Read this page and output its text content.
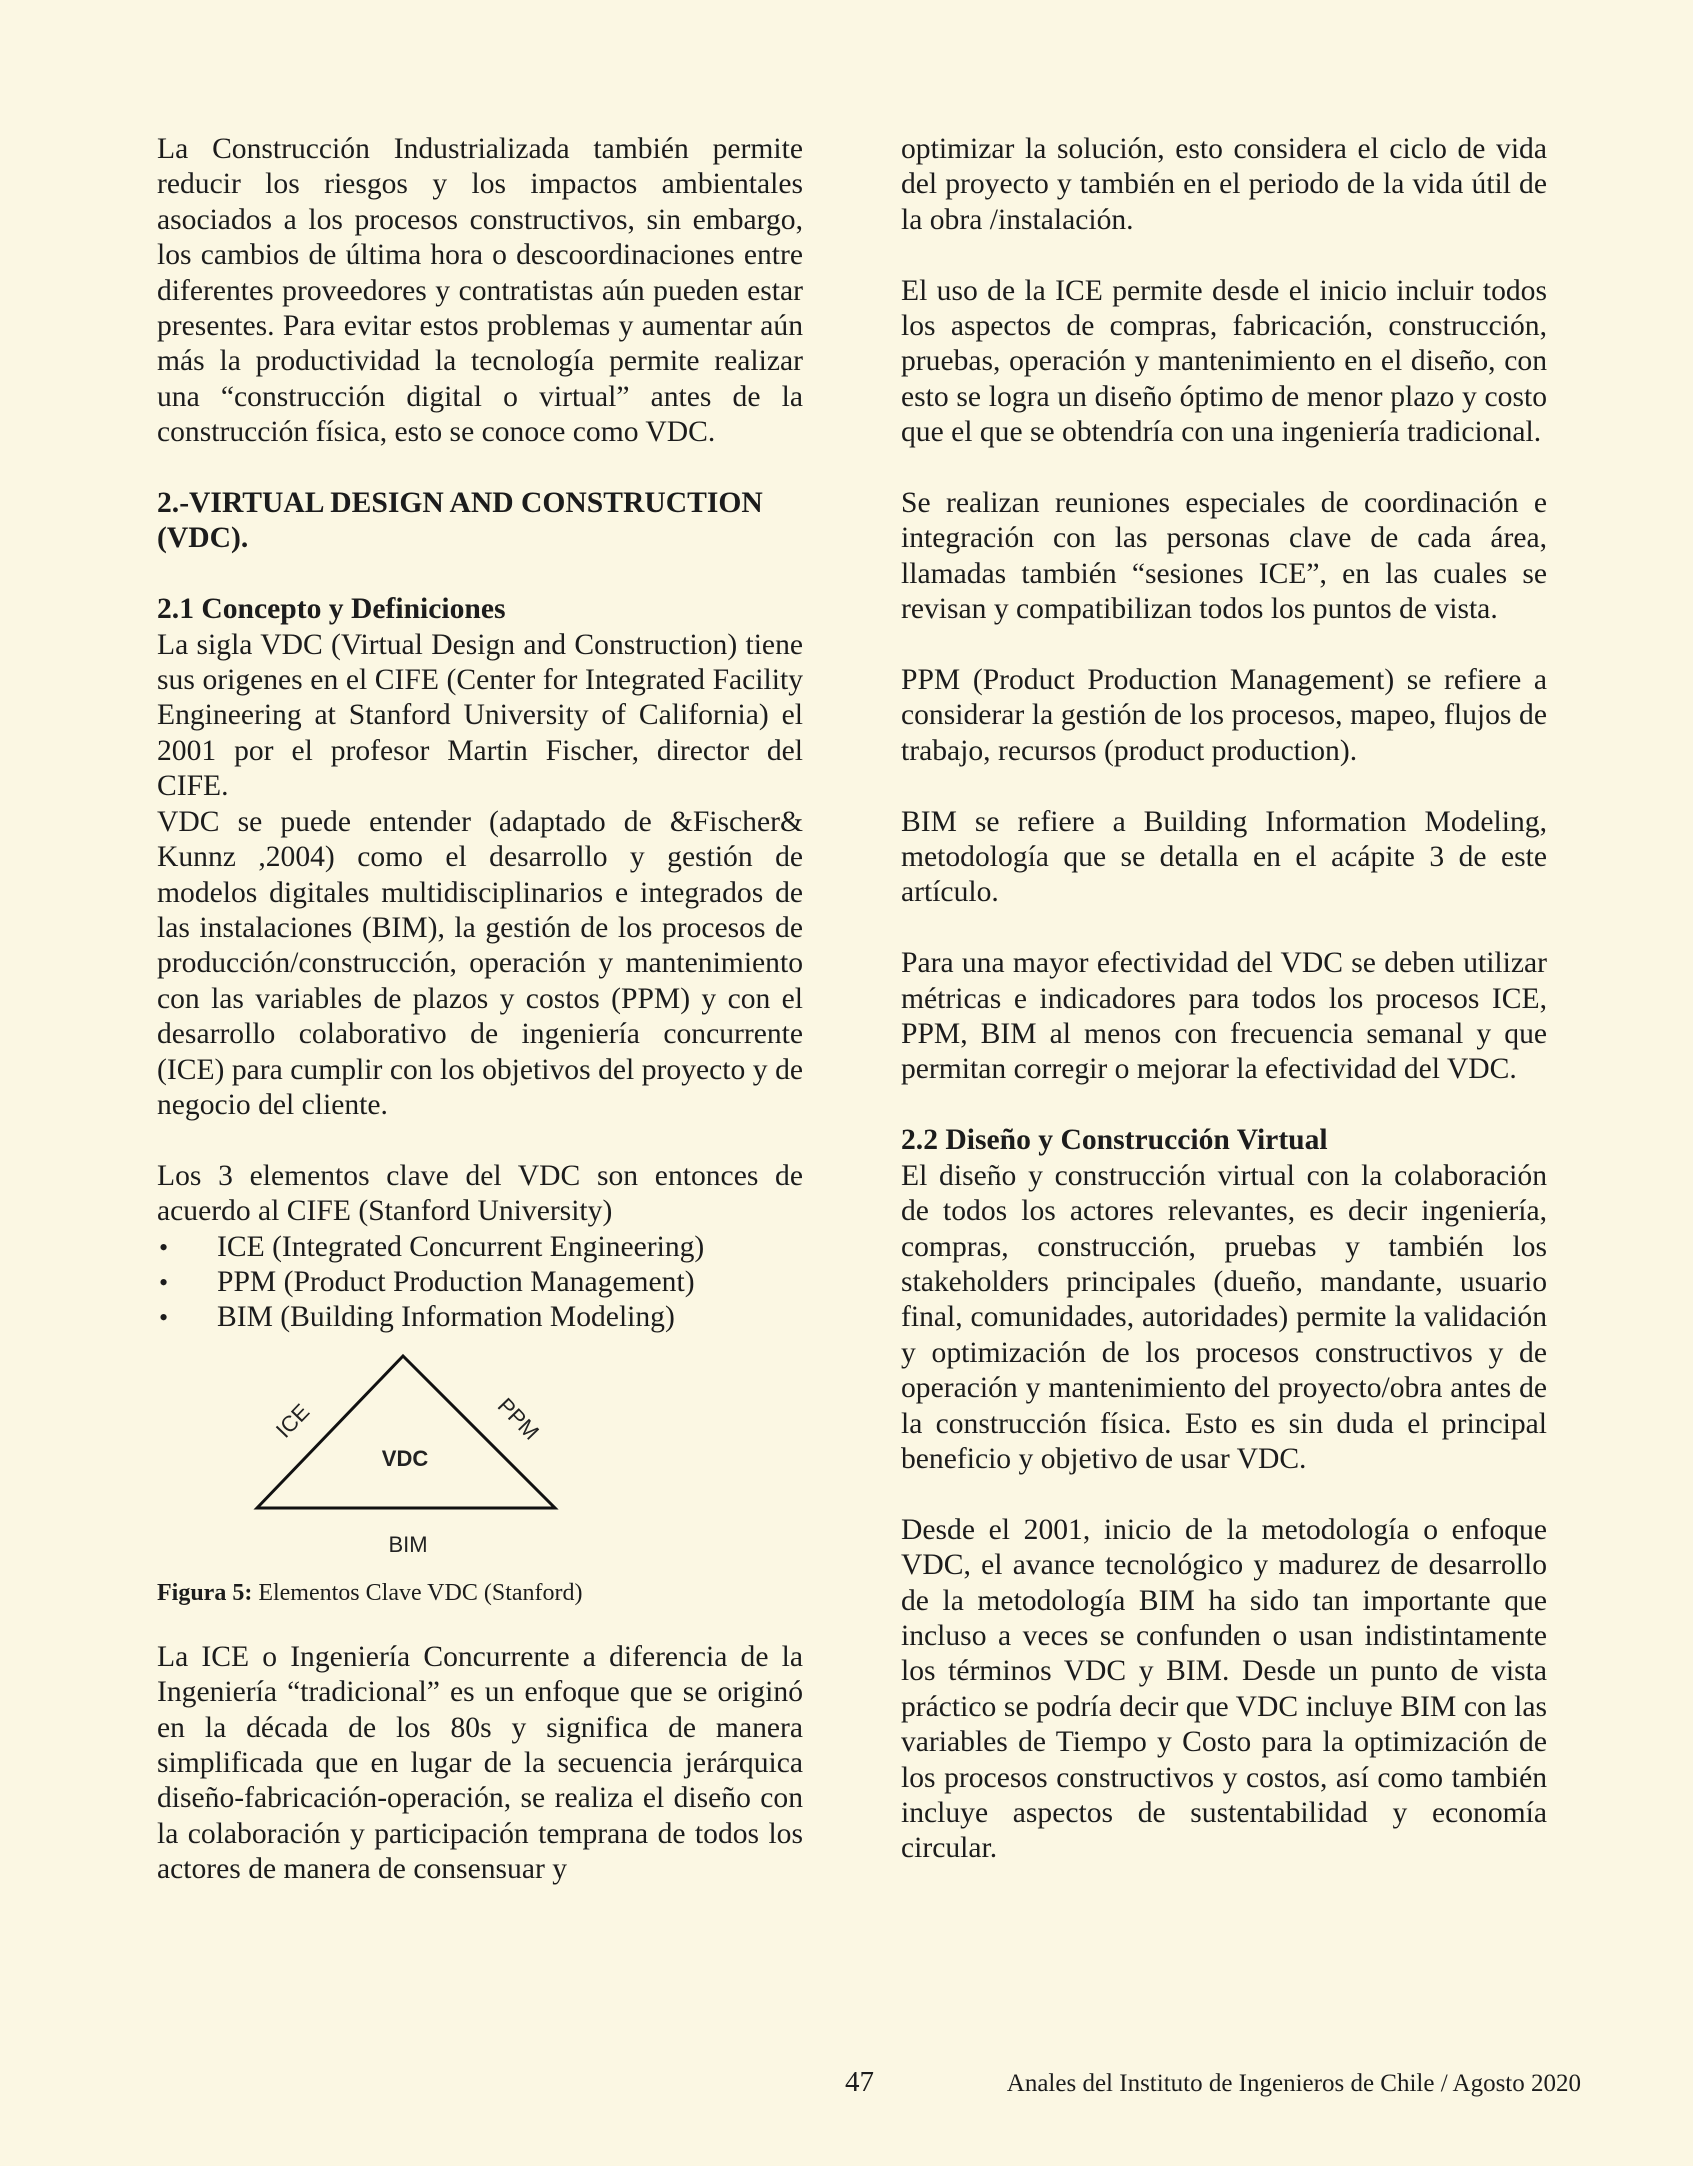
La Construcción Industrializada también permite reducir los riesgos y los impactos ambientales asociados a los procesos constructivos, sin embargo, los cambios de última hora o descoordinaciones entre diferentes proveedores y contratistas aún pueden estar presentes. Para evitar estos problemas y aumentar aún más la productividad la tecnología permite realizar una “construcción digital o virtual” antes de la construcción física, esto se conoce como VDC.

2.-VIRTUAL DESIGN AND CONSTRUCTION (VDC).
2.1 Concepto y Definiciones

La sigla VDC (Virtual Design and Construction) tiene sus origenes en el CIFE (Center for Integrated Facility Engineering at Stanford University of California) el 2001 por el profesor Martin Fischer, director del CIFE.

VDC se puede entender (adaptado de &Fischer& Kunnz ,2004) como el desarrollo y gestión de modelos digitales multidisciplinarios e integrados de las instalaciones (BIM), la gestión de los procesos de producción/construcción, operación y mantenimiento con las variables de plazos y costos (PPM) y con el desarrollo colaborativo de ingeniería concurrente (ICE) para cumplir con los objetivos del proyecto y de negocio del cliente.

Los 3 elementos clave del VDC son entonces de acuerdo al CIFE (Stanford University)

• ICE (Integrated Concurrent Engineering)
• PPM (Product Production Management)
• BIM (Building Information Modeling)
VDC
ICE	PPM
BIM
Figura 5: Elementos Clave VDC (Stanford)

La ICE o Ingeniería Concurrente a diferencia de la Ingeniería “tradicional” es un enfoque que se originó en la década de los 80s y significa de manera simplificada que en lugar de la secuencia jerárquica diseño-fabricación-operación, se realiza el diseño con la colaboración y participación temprana de todos los actores de manera de consensuar y

optimizar la solución, esto considera el ciclo de vida del proyecto y también en el periodo de la vida útil de la obra /instalación.

El uso de la ICE permite desde el inicio incluir todos los aspectos de compras, fabricación, construcción, pruebas, operación y mantenimiento en el diseño, con esto se logra un diseño óptimo de menor plazo y costo que el que se obtendría con una ingeniería tradicional.

Se realizan reuniones especiales de coordinación e integración con las personas clave de cada área, llamadas también “sesiones ICE”, en las cuales se revisan y compatibilizan todos los puntos de vista.

PPM (Product Production Management) se refiere a considerar la gestión de los procesos, mapeo, flujos de trabajo, recursos (product production).

BIM se refiere a Building Information Modeling, metodología que se detalla en el acápite 3 de este artículo.

Para una mayor efectividad del VDC se deben utilizar métricas e indicadores para todos los procesos ICE, PPM, BIM al menos con frecuencia semanal y que permitan corregir o mejorar la efectividad del VDC.

2.2 Diseño y Construcción Virtual

El diseño y construcción virtual con la colaboración de todos los actores relevantes, es decir ingeniería, compras, construcción, pruebas y también los stakeholders principales (dueño, mandante, usuario final, comunidades, autoridades) permite la validación y optimización de los procesos constructivos y de operación y mantenimiento del proyecto/obra antes de la construcción física. Esto es sin duda el principal beneficio y objetivo de usar VDC.

Desde el 2001, inicio de la metodología o enfoque VDC, el avance tecnológico y madurez de desarrollo de la metodología BIM ha sido tan importante que incluso a veces se confunden o usan indistintamente los términos VDC y BIM. Desde un punto de vista práctico se podría decir que VDC incluye BIM con las variables de Tiempo y Costo para la optimización de los procesos constructivos y costos, así como también incluye aspectos de sustentabilidad y economía circular.

47	Anales del Instituto de Ingenieros de Chile / Agosto 2020
